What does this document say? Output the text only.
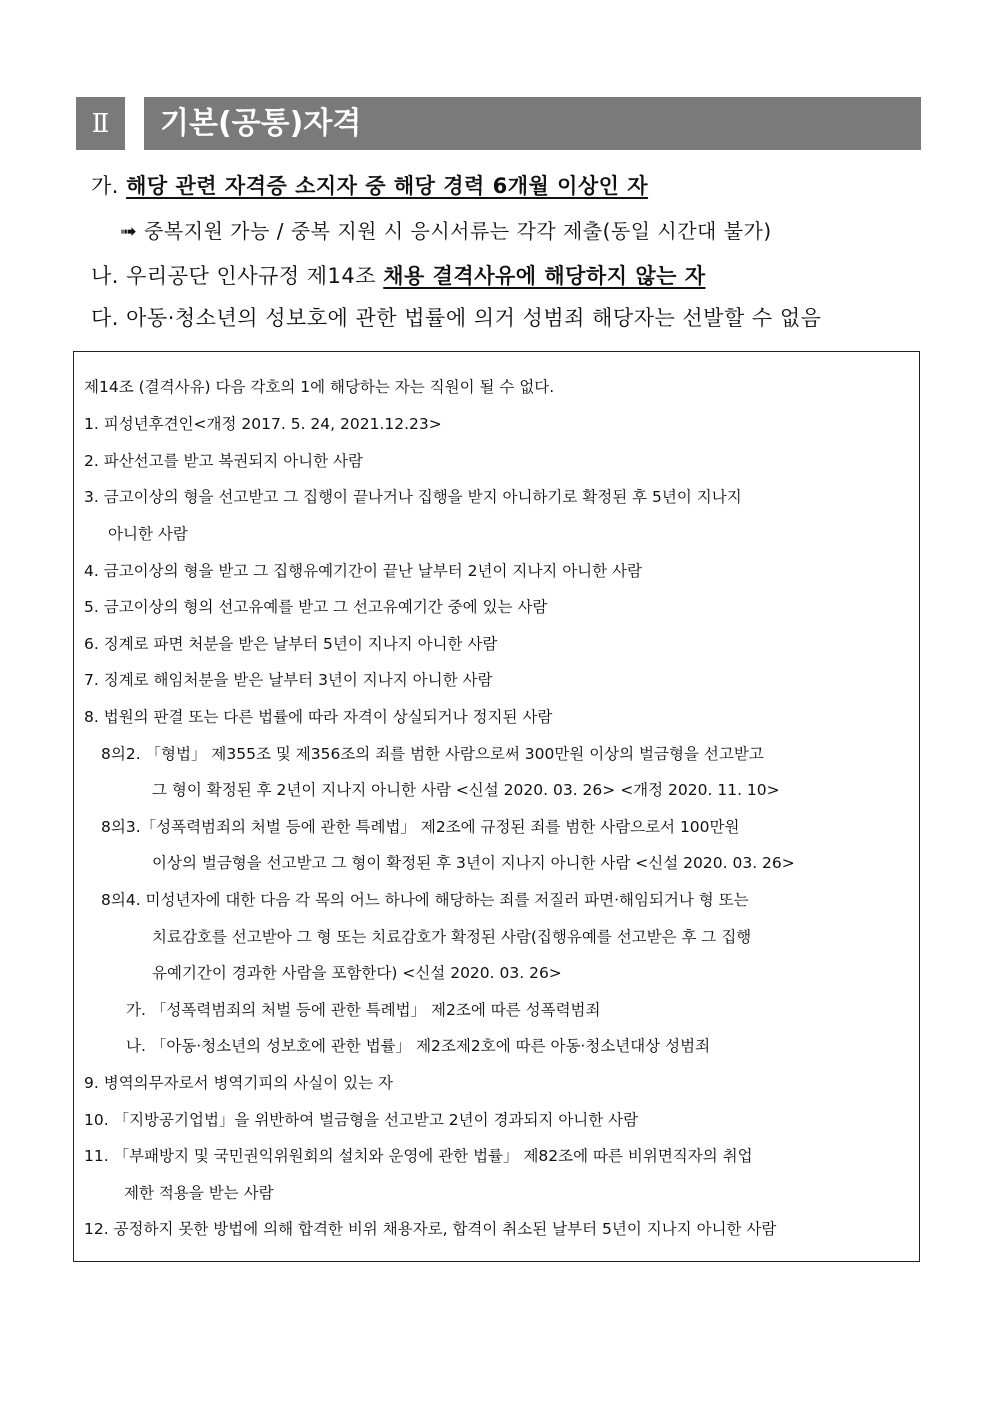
Ⅱ	기본(공통)자격
가. 해당 관련 자격증 소지자 중 해당 경력 6개월 이상인 자
➟ 중복지원 가능 / 중복 지원 시 응시서류는 각각 제출(동일 시간대 불가)
나. 우리공단 인사규정 제14조 채용 결격사유에 해당하지 않는 자
다. 아동·청소년의 성보호에 관한 법률에 의거 성범죄 해당자는 선발할 수 없음
제14조 (결격사유) 다음 각호의 1에 해당하는 자는 직원이 될 수 없다.
1. 피성년후견인<개정 2017. 5. 24, 2021.12.23>
2. 파산선고를 받고 복권되지 아니한 사람
3. 금고이상의 형을 선고받고 그 집행이 끝나거나 집행을 받지 아니하기로 확정된 후 5년이 지나지
아니한 사람
4. 금고이상의 형을 받고 그 집행유예기간이 끝난 날부터 2년이 지나지 아니한 사람
5. 금고이상의 형의 선고유예를 받고 그 선고유예기간 중에 있는 사람
6. 징계로 파면 처분을 받은 날부터 5년이 지나지 아니한 사람
7. 징계로 해임처분을 받은 날부터 3년이 지나지 아니한 사람
8. 법원의 판결 또는 다른 법률에 따라 자격이 상실되거나 정지된 사람
8의2. 「형법」 제355조 및 제356조의 죄를 범한 사람으로써 300만원 이상의 벌금형을 선고받고
그 형이 확정된 후 2년이 지나지 아니한 사람 <신설 2020. 03. 26> <개정 2020. 11. 10>
8의3.「성폭력범죄의 처벌 등에 관한 특례법」 제2조에 규정된 죄를 범한 사람으로서 100만원
이상의 벌금형을 선고받고 그 형이 확정된 후 3년이 지나지 아니한 사람 <신설 2020. 03. 26>
8의4. 미성년자에 대한 다음 각 목의 어느 하나에 해당하는 죄를 저질러 파면·해임되거나 형 또는
치료감호를 선고받아 그 형 또는 치료감호가 확정된 사람(집행유예를 선고받은 후 그 집행
유예기간이 경과한 사람을 포함한다) <신설 2020. 03. 26>
가. 「성폭력범죄의 처벌 등에 관한 특례법」 제2조에 따른 성폭력범죄
나. 「아동·청소년의 성보호에 관한 법률」 제2조제2호에 따른 아동·청소년대상 성범죄
9. 병역의무자로서 병역기피의 사실이 있는 자
10. 「지방공기업법」을 위반하여 벌금형을 선고받고 2년이 경과되지 아니한 사람
11. 「부패방지 및 국민권익위원회의 설치와 운영에 관한 법률」 제82조에 따른 비위면직자의 취업
제한 적용을 받는 사람
12. 공정하지 못한 방법에 의해 합격한 비위 채용자로, 합격이 취소된 날부터 5년이 지나지 아니한 사람
